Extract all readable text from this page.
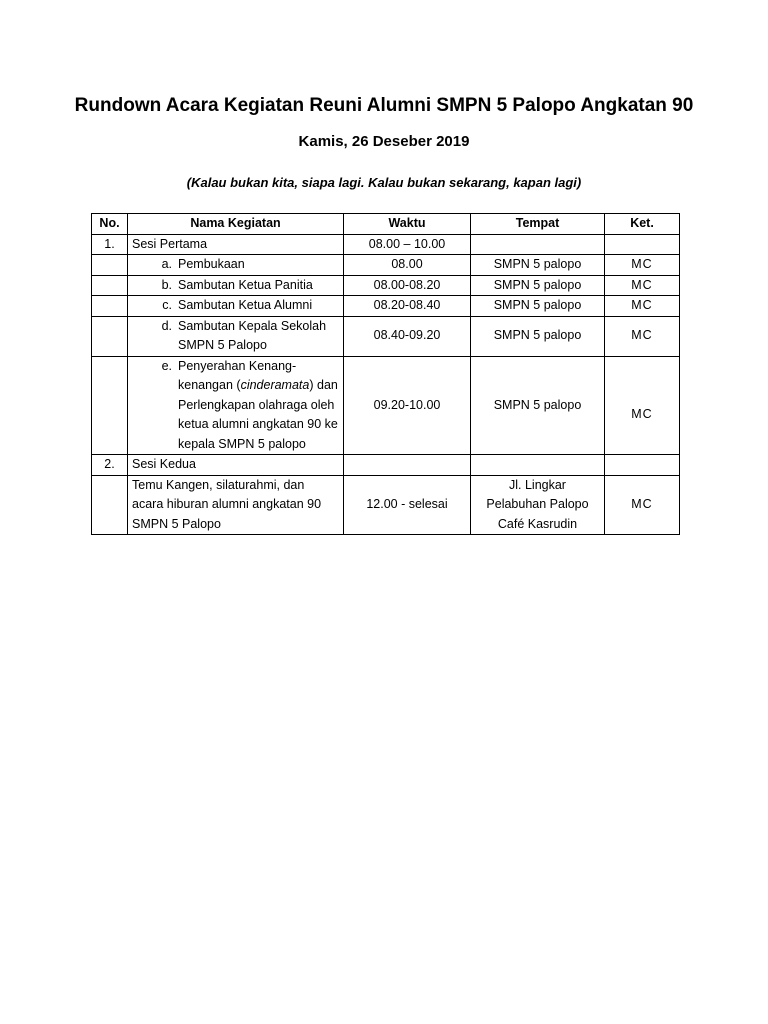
Rundown Acara Kegiatan Reuni Alumni SMPN 5 Palopo Angkatan 90
Kamis, 26 Deseber 2019
(Kalau bukan kita, siapa lagi. Kalau bukan sekarang, kapan lagi)
No.	Nama Kegiatan	Waktu	Tempat	Ket.
1.	Sesi Pertama	08.00 – 10.00		

	a. Pembukaan	08.00	SMPN 5 palopo	MC

	b. Sambutan Ketua Panitia	08.00-08.20	SMPN 5 palopo	MC

	c. Sambutan Ketua Alumni	08.20-08.40	SMPN 5 palopo	MC

	d. Sambutan Kepala Sekolah SMPN 5 Palopo	08.40-09.20	SMPN 5 palopo	MC

	e. Penyerahan Kenang-kenangan (cinderamata) dan Perlengkapan olahraga oleh ketua alumni angkatan 90 ke kepala SMPN 5 palopo	09.20-10.00	SMPN 5 palopo	MC
2.	Sesi Kedua			
	Temu Kangen, silaturahmi, dan acara hiburan alumni angkatan 90 SMPN 5 Palopo	12.00 - selesai	Jl. Lingkar
Pelabuhan Palopo
Café Kasrudin	MC
